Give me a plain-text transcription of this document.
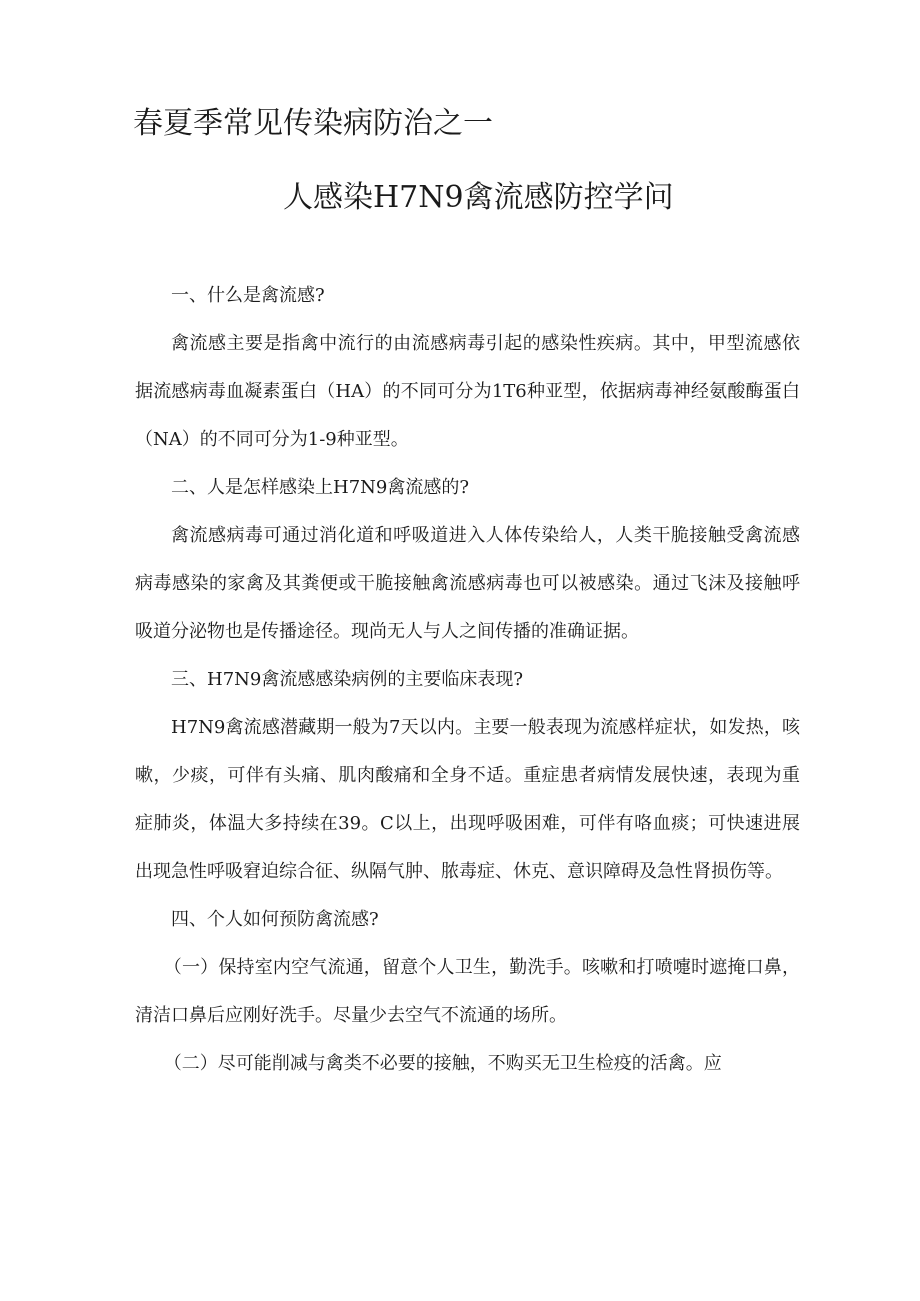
春夏季常见传染病防治之一
人感染H7N9禽流感防控学问

一、什么是禽流感?

禽流感主要是指禽中流行的由流感病毒引起的感染性疾病。其中，甲型流感依据流感病毒血凝素蛋白（HA）的不同可分为1T6种亚型，依据病毒神经氨酸酶蛋白（NA）的不同可分为1-9种亚型。

二、人是怎样感染上H7N9禽流感的?

禽流感病毒可通过消化道和呼吸道进入人体传染给人，人类干脆接触受禽流感病毒感染的家禽及其粪便或干脆接触禽流感病毒也可以被感染。通过飞沫及接触呼吸道分泌物也是传播途径。现尚无人与人之间传播的准确证据。

三、H7N9禽流感感染病例的主要临床表现?

H7N9禽流感潜藏期一般为7天以内。主要一般表现为流感样症状，如发热，咳嗽，少痰，可伴有头痛、肌肉酸痛和全身不适。重症患者病情发展快速，表现为重症肺炎，体温大多持续在39。C以上，出现呼吸困难，可伴有咯血痰；可快速进展出现急性呼吸窘迫综合征、纵隔气肿、脓毒症、休克、意识障碍及急性肾损伤等。

四、个人如何预防禽流感?

（一）保持室内空气流通，留意个人卫生，勤洗手。咳嗽和打喷嚏时遮掩口鼻，清洁口鼻后应刚好洗手。尽量少去空气不流通的场所。

（二）尽可能削减与禽类不必要的接触，不购买无卫生检疫的活禽。应
